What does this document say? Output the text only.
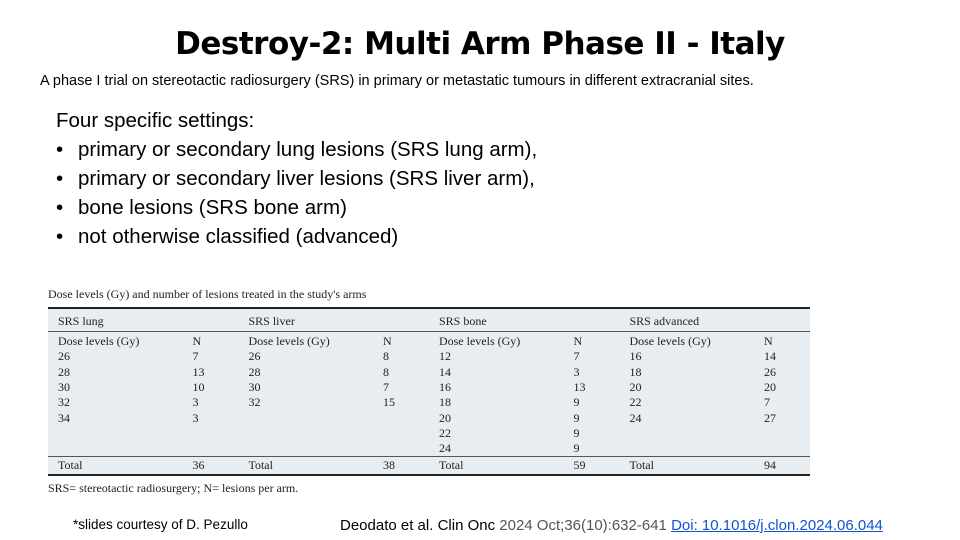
Destroy-2: Multi Arm Phase II - Italy
A phase I trial on stereotactic radiosurgery (SRS) in primary or metastatic tumours in different extracranial sites.
Four specific settings:
• primary or secondary lung lesions (SRS lung arm),
• primary or secondary liver lesions (SRS liver arm),
• bone lesions (SRS bone arm)
• not otherwise classified (advanced)
Dose levels (Gy) and number of lesions treated in the study's arms
SRS lung		SRS liver		SRS bone		SRS advanced	
Dose levels (Gy)	N	Dose levels (Gy)	N	Dose levels (Gy)	N	Dose levels (Gy)	N
26	7	26	8	12	7	16	14
28	13	28	8	14	3	18	26
30	10	30	7	16	13	20	20
32	3	32	15	18	9	22	7
34	3			20	9	24	27
				22	9		
				24	9		
Total	36	Total	38	Total	59	Total	94
SRS= stereotactic radiosurgery; N= lesions per arm.
*slides courtesy of D. Pezullo	Deodato et al. Clin Onc 2024 Oct;36(10):632-641 Doi: 10.1016/j.clon.2024.06.044
